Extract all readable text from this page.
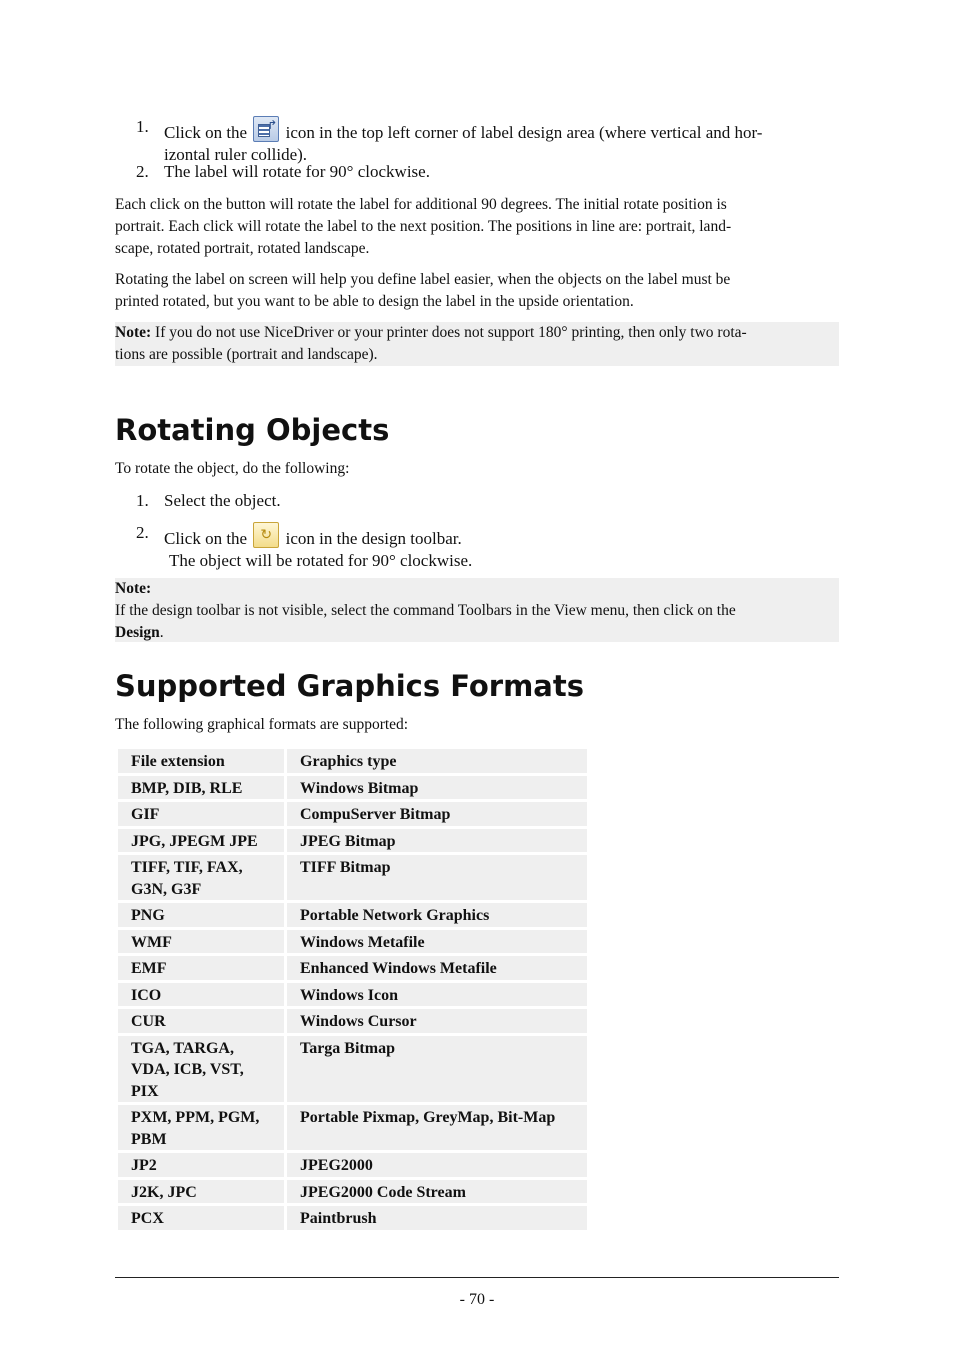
1. Click on the ↱ icon in the top left corner of label design area (where vertical and hor-
izontal ruler collide).
2. The label will rotate for 90° clockwise.

Each click on the button will rotate the label for additional 90 degrees. The initial rotate position is
portrait. Each click will rotate the label to the next position. The positions in line are: portrait, land-
scape, rotated portrait, rotated landscape.

Rotating the label on screen will help you define label easier, when the objects on the label must be
printed rotated, but you want to be able to design the label in the upside orientation.

Note: If you do not use NiceDriver or your printer does not support 180° printing, then only two rota-
tions are possible (portrait and landscape).
Rotating Objects

To rotate the object, do the following:

1. Select the object.
2. Click on the ↻ icon in the design toolbar.
The object will be rotated for 90° clockwise.
Note:
If the design toolbar is not visible, select the command Toolbars in the View menu, then click on the
Design.
Supported Graphics Formats

The following graphical formats are supported:

File extension	Graphics type
BMP, DIB, RLE	Windows Bitmap
GIF	CompuServer Bitmap
JPG, JPEGM JPE	JPEG Bitmap
TIFF, TIF, FAX, G3N, G3F	TIFF Bitmap
PNG	Portable Network Graphics
WMF	Windows Metafile
EMF	Enhanced Windows Metafile
ICO	Windows Icon
CUR	Windows Cursor
TGA, TARGA, VDA, ICB, VST, PIX	Targa Bitmap
PXM, PPM, PGM, PBM	Portable Pixmap, GreyMap, Bit-Map
JP2	JPEG2000
J2K, JPC	JPEG2000 Code Stream
PCX	Paintbrush
- 70 -
